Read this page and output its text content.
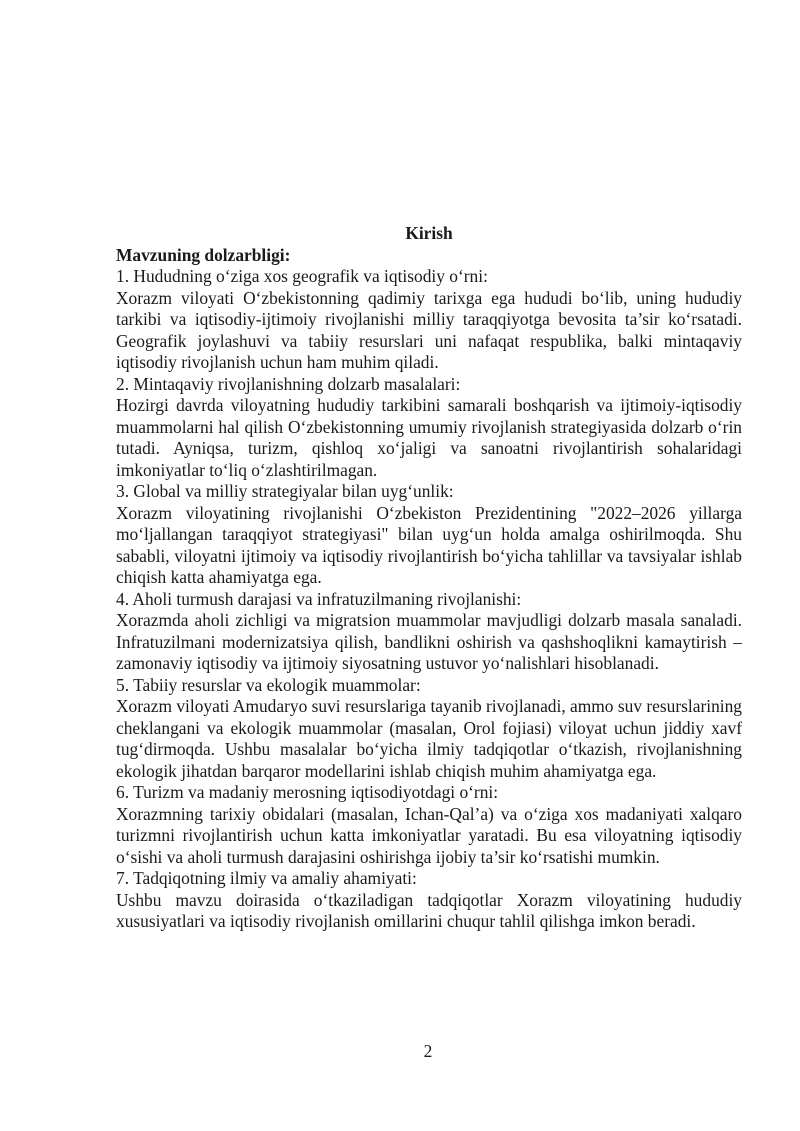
Kirish

Mavzuning dolzarbligi:

1. Hududning o‘ziga xos geografik va iqtisodiy o‘rni:

Xorazm viloyati O‘zbekistonning qadimiy tarixga ega hududi bo‘lib, uning hududiy tarkibi va iqtisodiy-ijtimoiy rivojlanishi milliy taraqqiyotga bevosita ta’sir ko‘rsatadi. Geografik joylashuvi va tabiiy resurslari uni nafaqat respublika, balki mintaqaviy iqtisodiy rivojlanish uchun ham muhim qiladi.

2. Mintaqaviy rivojlanishning dolzarb masalalari:

Hozirgi davrda viloyatning hududiy tarkibini samarali boshqarish va ijtimoiy-iqtisodiy muammolarni hal qilish O‘zbekistonning umumiy rivojlanish strategiyasida dolzarb o‘rin tutadi. Ayniqsa, turizm, qishloq xo‘jaligi va sanoatni rivojlantirish sohalaridagi imkoniyatlar to‘liq o‘zlashtirilmagan.

3. Global va milliy strategiyalar bilan uyg‘unlik:

Xorazm viloyatining rivojlanishi O‘zbekiston Prezidentining "2022–2026 yillarga mo‘ljallangan taraqqiyot strategiyasi" bilan uyg‘un holda amalga oshirilmoqda. Shu sababli, viloyatni ijtimoiy va iqtisodiy rivojlantirish bo‘yicha tahlillar va tavsiyalar ishlab chiqish katta ahamiyatga ega.

4. Aholi turmush darajasi va infratuzilmaning rivojlanishi:

Xorazmda aholi zichligi va migratsion muammolar mavjudligi dolzarb masala sanaladi. Infratuzilmani modernizatsiya qilish, bandlikni oshirish va qashshoqlikni kamaytirish – zamonaviy iqtisodiy va ijtimoiy siyosatning ustuvor yo‘nalishlari hisoblanadi.

5. Tabiiy resurslar va ekologik muammolar:

Xorazm viloyati Amudaryo suvi resurslariga tayanib rivojlanadi, ammo suv resurslarining cheklangani va ekologik muammolar (masalan, Orol fojiasi) viloyat uchun jiddiy xavf tug‘dirmoqda. Ushbu masalalar bo‘yicha ilmiy tadqiqotlar o‘tkazish, rivojlanishning ekologik jihatdan barqaror modellarini ishlab chiqish muhim ahamiyatga ega.

6. Turizm va madaniy merosning iqtisodiyotdagi o‘rni:

Xorazmning tarixiy obidalari (masalan, Ichan-Qal’a) va o‘ziga xos madaniyati xalqaro turizmni rivojlantirish uchun katta imkoniyatlar yaratadi. Bu esa viloyatning iqtisodiy o‘sishi va aholi turmush darajasini oshirishga ijobiy ta’sir ko‘rsatishi mumkin.

7. Tadqiqotning ilmiy va amaliy ahamiyati:

Ushbu mavzu doirasida o‘tkaziladigan tadqiqotlar Xorazm viloyatining hududiy xususiyatlari va iqtisodiy rivojlanish omillarini chuqur tahlil qilishga imkon beradi.

2
